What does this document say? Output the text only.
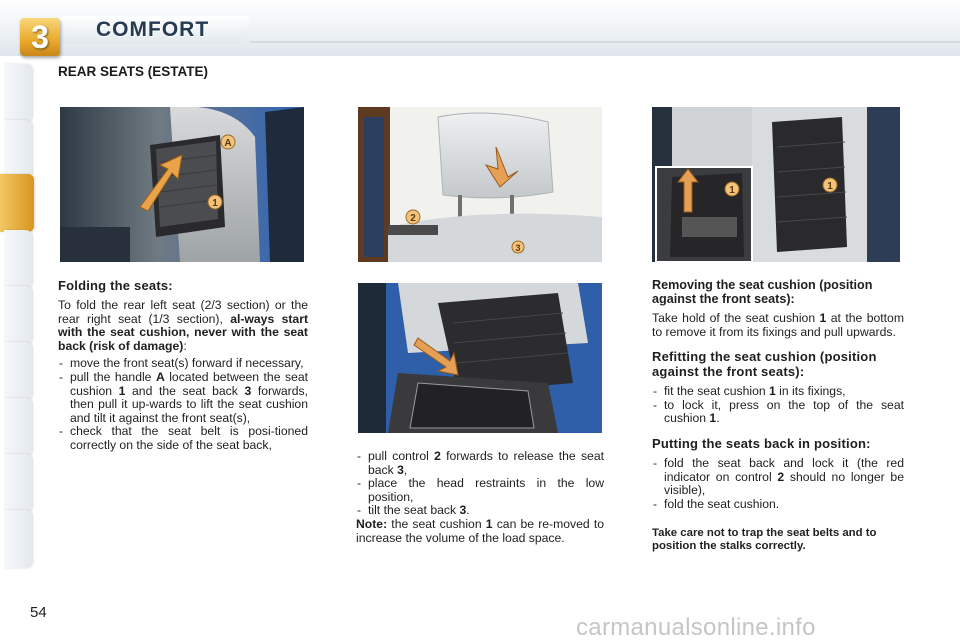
3	COMFORT
REAR SEATS (ESTATE)
A
1
2
3
1	1
Folding the seats:

To fold the rear left seat (2/3 section) or the rear right seat (1/3 section), al-ways start with the seat cushion, never with the seat back (risk of damage):

- move the front seat(s) forward if necessary,
- pull the handle A located between the seat cushion 1 and the seat back 3 forwards, then pull it up-wards to lift the seat cushion and tilt it against the front seat(s),
- check that the seat belt is posi-tioned correctly on the side of the seat back,
- pull control 2 forwards to release the seat back 3,
- place the head restraints in the low position,
- tilt the seat back 3.

Note: the seat cushion 1 can be re-moved to increase the volume of the load space.

Removing the seat cushion (position against the front seats):

Take hold of the seat cushion 1 at the bottom to remove it from its fixings and pull upwards.

Refitting the seat cushion (position against the front seats):
- fit the seat cushion 1 in its fixings,
- to lock it, press on the top of the seat cushion 1.
Putting the seats back in position:
- fold the seat back and lock it (the red indicator on control 2 should no longer be visible),
- fold the seat cushion.

Take care not to trap the seat belts and to position the stalks correctly.

54
carmanualsonline.info
